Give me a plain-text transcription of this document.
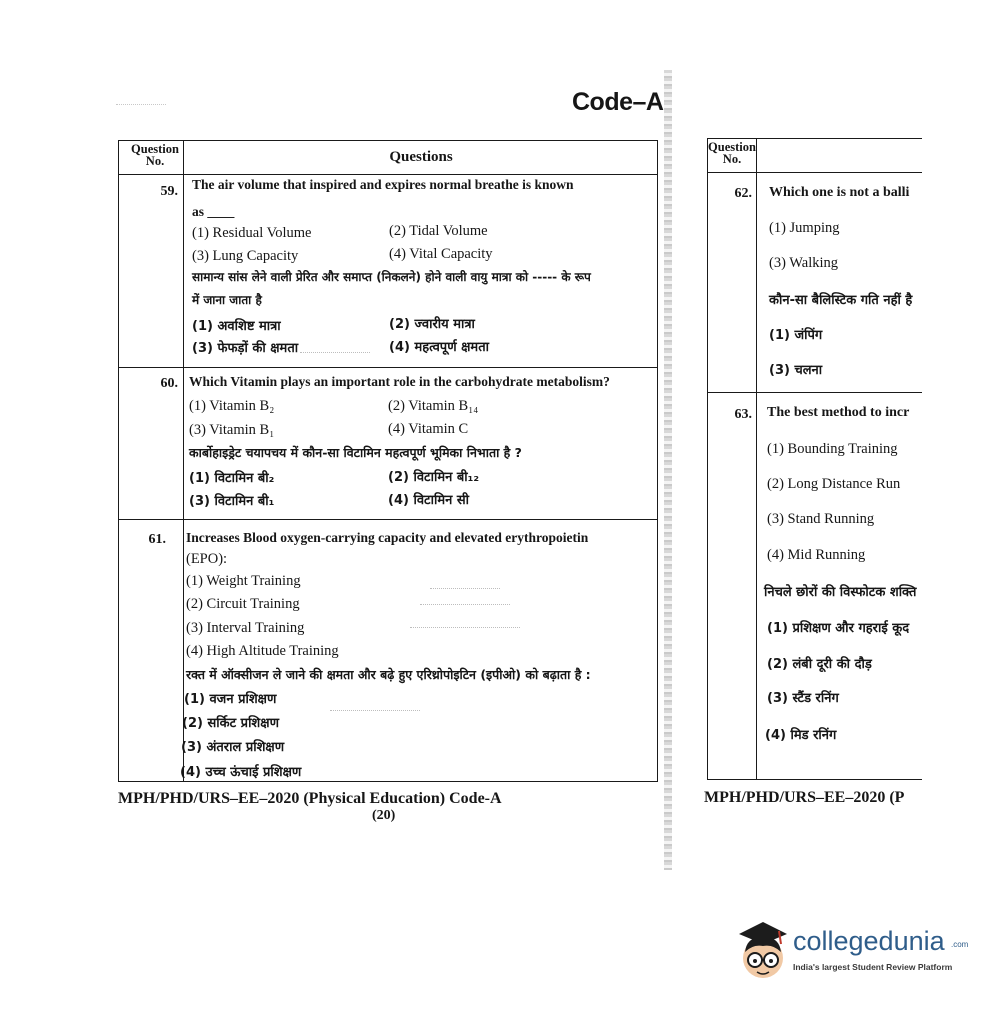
Code–A
Question No.	Questions
59. The air volume that inspired and expires normal breathe is known
as ____
(1) Residual Volume	(2) Tidal Volume
(3) Lung Capacity	(4) Vital Capacity
सामान्य सांस लेने वाली प्रेरित और समाप्त (निकलने) होने वाली वायु मात्रा को ----- के रूप
में जाना जाता है
(1) अवशिष्ट मात्रा	(2) ज्वारीय मात्रा
(3) फेफड़ों की क्षमता	(4) महत्वपूर्ण क्षमता
60. Which Vitamin plays an important role in the carbohydrate metabolism?
(1) Vitamin B₂	(2) Vitamin B₁₄
(3) Vitamin B₁	(4) Vitamin C
कार्बोहाइड्रेट चयापचय में कौन-सा विटामिन महत्वपूर्ण भूमिका निभाता है ?
(1) विटामिन बी₂	(2) विटामिन बी₁₂
(3) विटामिन बी₁	(4) विटामिन सी
61. Increases Blood oxygen-carrying capacity and elevated erythropoietin
(EPO):
(1) Weight Training
(2) Circuit Training
(3) Interval Training
(4) High Altitude Training
रक्त में ऑक्सीजन ले जाने की क्षमता और बढ़े हुए एरिथ्रोपोइटिन (इपीओ) को बढ़ाता है :
(1) वजन प्रशिक्षण
(2) सर्किट प्रशिक्षण
(3) अंतराल प्रशिक्षण
(4) उच्च ऊंचाई प्रशिक्षण
MPH/PHD/URS–EE–2020 (Physical Education) Code-A
(20)
Question No.
62. Which one is not a balli
(1) Jumping
(3) Walking
कौन-सा बैलिस्टिक गति नहीं है
(1) जंपिंग
(3) चलना
63. The best method to incr
(1) Bounding Training
(2) Long Distance Run
(3) Stand Running
(4) Mid Running
निचले छोरों की विस्फोटक शक्ति
(1) प्रशिक्षण और गहराई कूद
(2) लंबी दूरी की दौड़
(3) स्टैंड रनिंग
(4) मिड रनिंग
MPH/PHD/URS–EE–2020 (P
collegedunia .com
India's largest Student Review Platform
